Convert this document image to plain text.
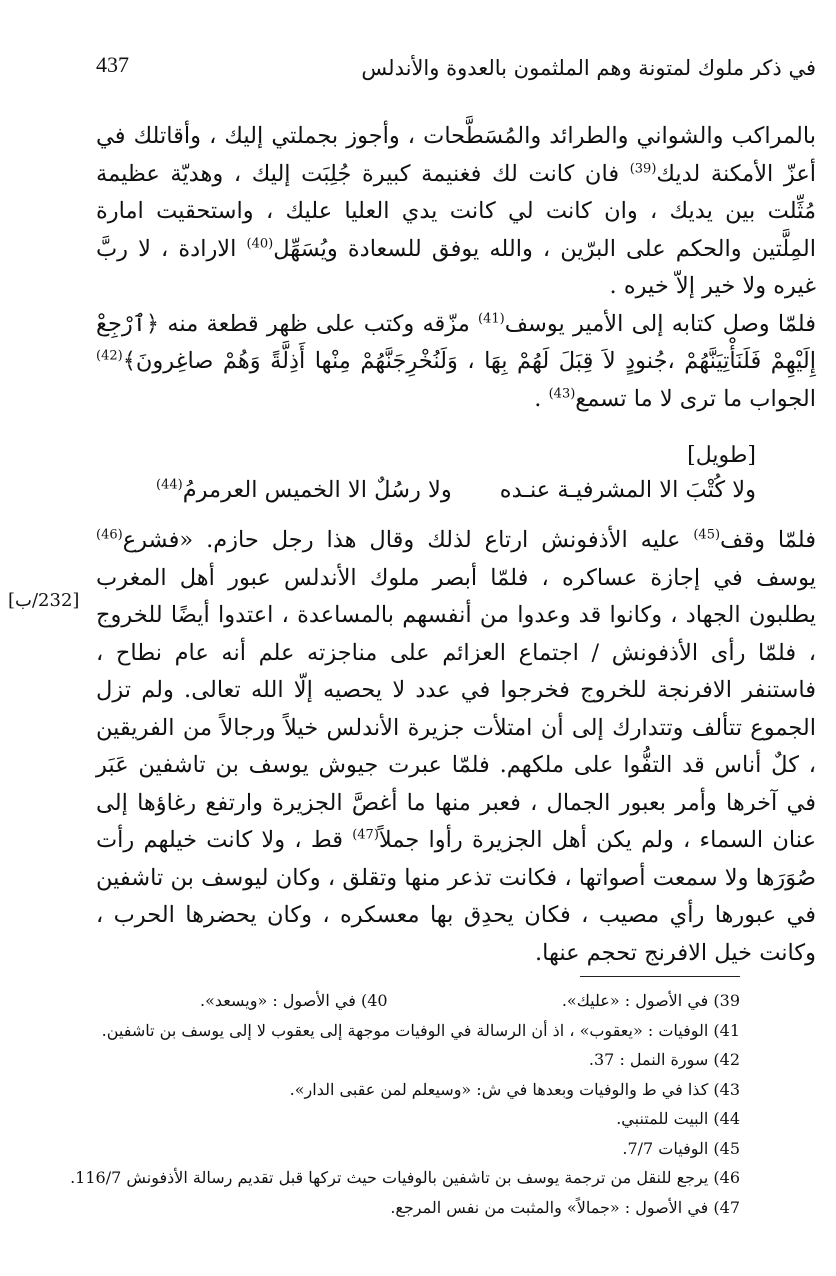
437	في ذكر ملوك لمتونة وهم الملثمون بالعدوة والأندلس

بالمراكب والشواني والطرائد والمُسَطَّحات ، وأجوز بجملتي إليك ، وأقاتلك في أعزّ الأمكنة لديك$^{(39)}$ فان كانت لك فغنيمة كبيرة جُلِبَت إليك ، وهديّة عظيمة مُثِّلت بين يديك ، وان كانت لي كانت يدي العليا عليك ، واستحقيت امارة المِلَّتين والحكم على البرّين ، والله يوفق للسعادة ويُسَهِّل$^{(40)}$ الارادة ، لا ربَّ غيره ولا خير إلاّ خيره .

فلمّا وصل كتابه إلى الأمير يوسف$^{(41)}$ مزّقه وكتب على ظهر قطعة منه ﴿ٱرْجِعْ إِلَيْهِمْ فَلَنَأْتِيَنَّهُمْ ،جُنودٍ لاَ قِبَلَ لَهُمْ بِهَا ، وَلَنُخْرِجَنَّهُمْ مِنْها أَذِلَّةً وَهُمْ صاغِرونَ﴾$^{(42)}$ الجواب ما ترى لا ما تسمع$^{(43)}$ .

[طويل]
ولا كُتْبَ الا المشرفيـة عنـده
ولا رسُلٌ الا الخميس العرمرمُ$^{(44)}$

فلمّا وقف$^{(45)}$ عليه الأذفونش ارتاع لذلك وقال هذا رجل حازم. «فشرع$^{(46)}$ يوسف في إجازة عساكره ، فلمّا أبصر ملوك الأندلس عبور أهل المغرب يطلبون الجهاد ، وكانوا قد وعدوا من أنفسهم بالمساعدة ، اعتدوا أيضًا للخروج ، فلمّا رأى الأذفونش / اجتماع العزائم على مناجزته علم أنه عام نطاح ، فاستنفر الافرنجة للخروج فخرجوا في عدد لا يحصيه إلّا الله تعالى. ولم تزل الجموع تتألف وتتدارك إلى أن امتلأت جزيرة الأندلس خيلاً ورجالاً من الفريقين ، كلٌ أناس قد التفُّوا على ملكهم. فلمّا عبرت جيوش يوسف بن تاشفين عَبَر في آخرها وأمر بعبور الجمال ، فعبر منها ما أغصَّ الجزيرة وارتفع رغاؤها إلى عنان السماء ، ولم يكن أهل الجزيرة رأوا جملاً$^{(47)}$ قط ، ولا كانت خيلهم رأت صُوَرَها ولا سمعت أصواتها ، فكانت تذعر منها وتقلق ، وكان ليوسف بن تاشفين في عبورها رأي مصيب ، فكان يحدِق بها معسكره ، وكان يحضرها الحرب ، وكانت خيل الافرنج تحجم عنها.

[232/ب]
39) في الأصول : «عليك».
40) في الأصول : «ويسعد».
41) الوفيات : «يعقوب» ، اذ أن الرسالة في الوفيات موجهة إلى يعقوب لا إلى يوسف بن تاشفين.
42) سورة النمل : 37.
43) كذا في ط والوفيات وبعدها في ش: «وسيعلم لمن عقبى الدار».
44) البيت للمتنبي.
45) الوفيات 7/7.
46) يرجع للنقل من ترجمة يوسف بن تاشفين بالوفيات حيث تركها قبل تقديم رسالة الأذفونش 116/7.
47) في الأصول : «جمالاً» والمثبت من نفس المرجع.
